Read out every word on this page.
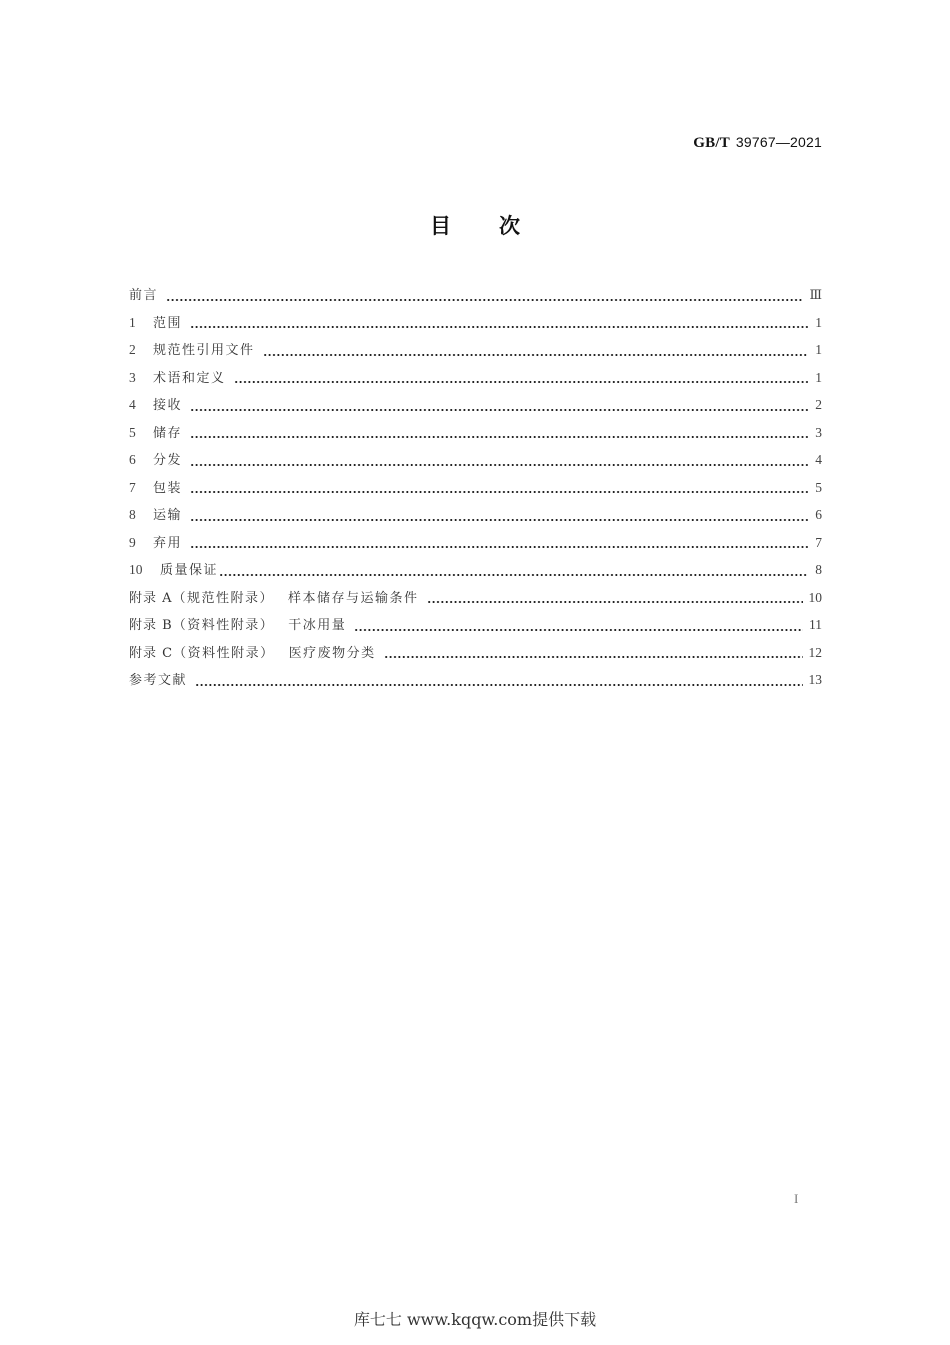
GB/T 39767—2021
目 次
前言	Ⅲ
1	范围	1
2	规范性引用文件	1
3	术语和定义	1
4	接收	2
5	储存	3
6	分发	4
7	包装	5
8	运输	6
9	弃用	7
10	质量保证	8
附录 A （规范性附录） 样本储存与运输条件	10
附录 B （资料性附录） 干冰用量	11
附录 C （资料性附录） 医疗废物分类	12
参考文献	13
I
库七七 www.kqqw.com提供下载
